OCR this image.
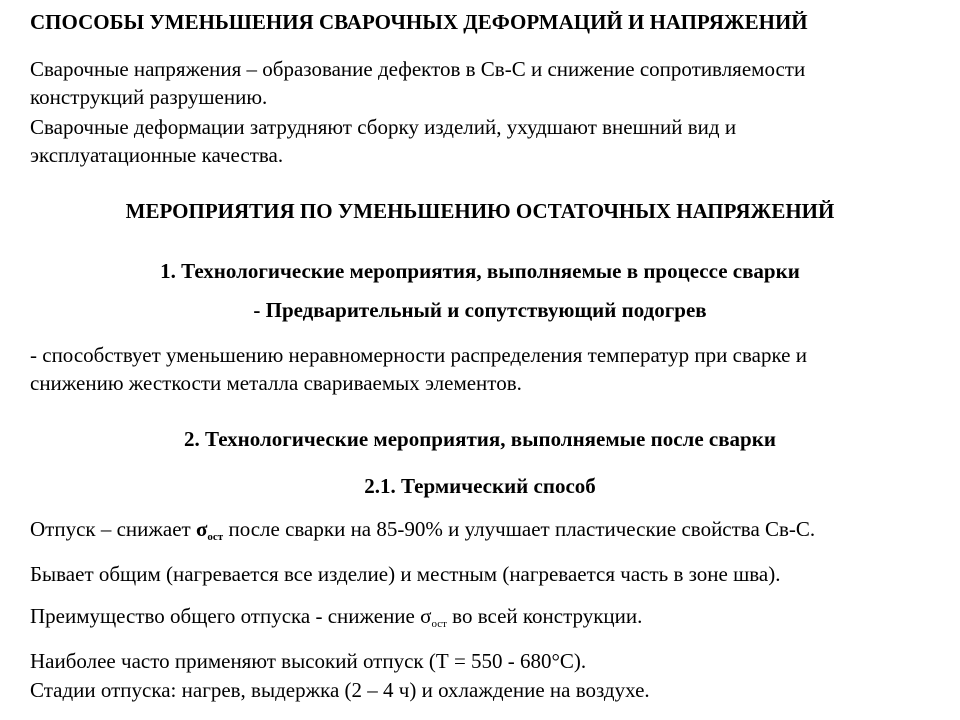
СПОСОБЫ УМЕНЬШЕНИЯ СВАРОЧНЫХ ДЕФОРМАЦИЙ И НАПРЯЖЕНИЙ
Сварочные напряжения – образование дефектов в Св-С и снижение сопротивляемости
конструкций разрушению.
Сварочные деформации затрудняют сборку изделий, ухудшают внешний вид и
эксплуатационные качества.
МЕРОПРИЯТИЯ ПО УМЕНЬШЕНИЮ ОСТАТОЧНЫХ НАПРЯЖЕНИЙ
1. Технологические мероприятия, выполняемые в процессе сварки
- Предварительный и сопутствующий подогрев
- способствует уменьшению неравномерности распределения температур при сварке и
снижению жесткости металла свариваемых элементов.
2. Технологические мероприятия, выполняемые после сварки
2.1. Термический способ
Отпуск – снижает σост после сварки на 85-90% и улучшает пластические свойства Св-С.
Бывает общим (нагревается все изделие) и местным (нагревается часть в зоне шва).
Преимущество общего отпуска - снижение σост во всей конструкции.
Наиболее часто применяют высокий отпуск (Т = 550 - 680°С).
Стадии отпуска: нагрев, выдержка (2 – 4 ч) и охлаждение на воздухе.
